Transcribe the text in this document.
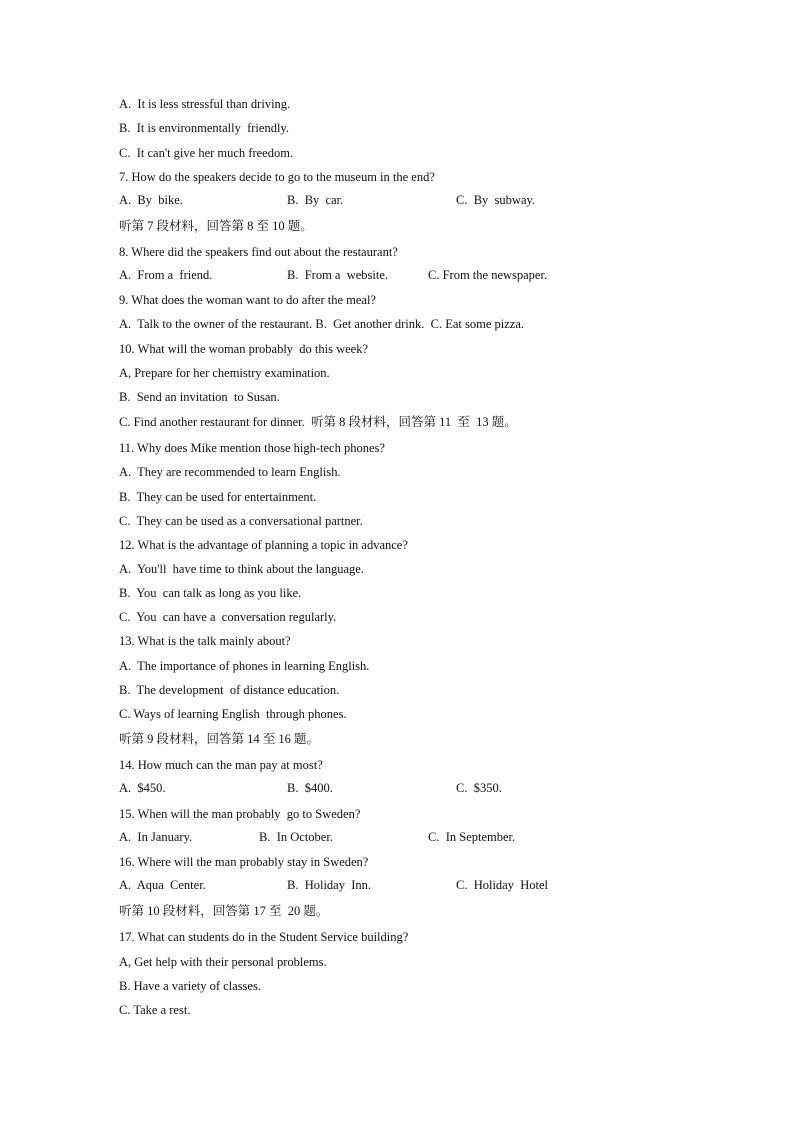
A.  It is less stressful than driving.
B.  It is environmentally  friendly.
C.  It can't give her much freedom.
7. How do the speakers decide to go to the museum in the end?
A.  By  bike.	B.  By  car.	C.  By  subway.
听第 7 段材料，回答第 8 至 10 题。
8. Where did the speakers find out about the restaurant?
A.  From a  friend.	B.  From a  website.	C. From the newspaper.
9. What does the woman want to do after the meal?
A.  Talk to the owner of the restaurant. B.  Get another drink.  C. Eat some pizza.
10. What will the woman probably  do this week?
A, Prepare for her chemistry examination.
B.  Send an invitation  to Susan.
C. Find another restaurant for dinner.  听第 8 段材料，回答第 11  至  13 题。
11. Why does Mike mention those high-tech phones?
A.  They are recommended to learn English.
B.  They can be used for entertainment.
C.  They can be used as a conversational partner.
12. What is the advantage of planning a topic in advance?
A.  You'll  have time to think about the language.
B.  You  can talk as long as you like.
C.  You  can have a  conversation regularly.
13. What is the talk mainly about?
A.  The importance of phones in learning English.
B.  The development  of distance education.
C. Ways of learning English  through phones.
听第 9 段材料，回答第 14 至 16 题。
14. How much can the man pay at most?
A.  $450.	B.  $400.	C.  $350.
15. When will the man probably  go to Sweden?
A.  In January.	B.  In October.	C.  In September.
16. Where will the man probably stay in Sweden?
A.  Aqua  Center.	B.  Holiday  Inn.	C.  Holiday  Hotel
听第 10 段材料，回答第 17 至  20 题。
17. What can students do in the Student Service building?
A, Get help with their personal problems.
B. Have a variety of classes.
C. Take a rest.
